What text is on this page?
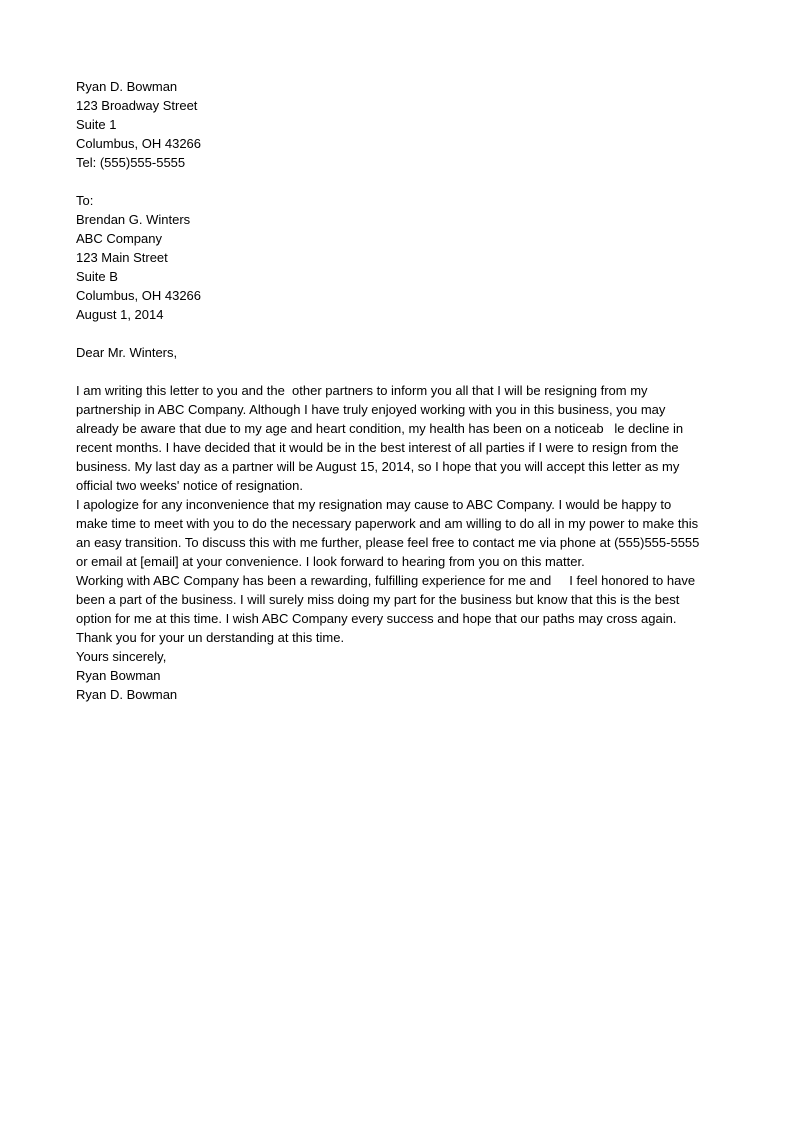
Ryan D. Bowman
123 Broadway Street
Suite 1
Columbus, OH 43266
Tel: (555)555-5555
To:
Brendan G. Winters
ABC Company
123 Main Street
Suite B
Columbus, OH 43266
August 1, 2014
Dear Mr. Winters,
I am writing this letter to you and the  other partners to inform you all that I will be resigning from my
partnership in ABC Company. Although I have truly enjoyed working with you in this business, you may
already be aware that due to my age and heart condition, my health has been on a noticeab   le decline in
recent months. I have decided that it would be in the best interest of all parties if I were to resign from the
business. My last day as a partner will be August 15, 2014, so I hope that you will accept this letter as my
official two weeks' notice of resignation.
I apologize for any inconvenience that my resignation may cause to ABC Company. I would be happy to
make time to meet with you to do the necessary paperwork and am willing to do all in my power to make this
an easy transition. To discuss this with me further, please feel free to contact me via phone at (555)555-5555
or email at [email] at your convenience. I look forward to hearing from you on this matter.
Working with ABC Company has been a rewarding, fulfilling experience for me and     I feel honored to have
been a part of the business. I will surely miss doing my part for the business but know that this is the best
option for me at this time. I wish ABC Company every success and hope that our paths may cross again.
Thank you for your un derstanding at this time.
Yours sincerely,
Ryan Bowman
Ryan D. Bowman
